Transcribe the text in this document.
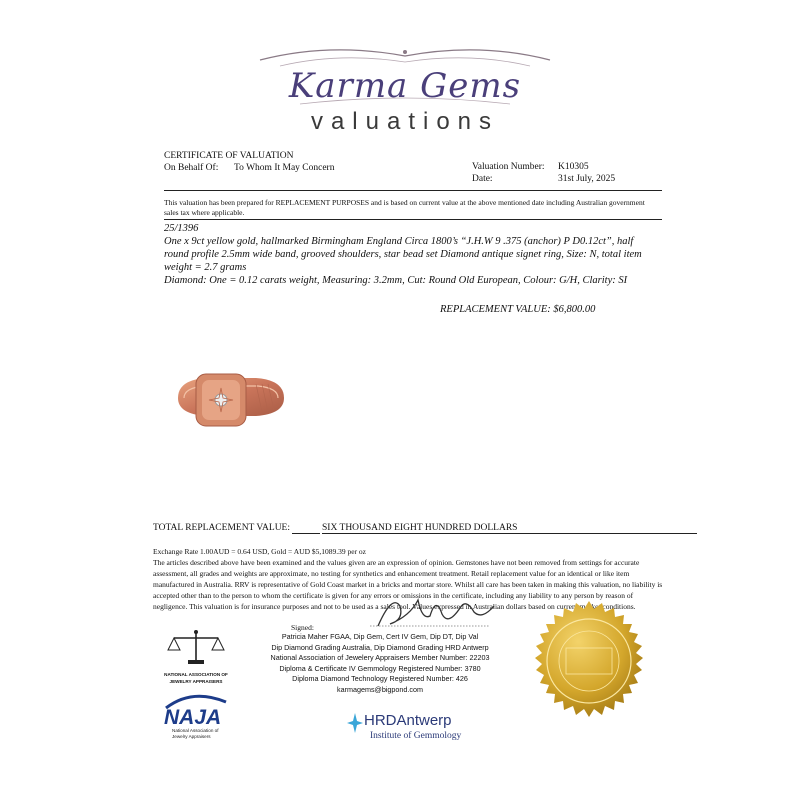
Karma Gems
valuations
CERTIFICATE OF VALUATION
On Behalf Of:	To Whom It May Concern	Valuation Number:	K10305
Date:	31st July, 2025
This valuation has been prepared for REPLACEMENT PURPOSES and is based on current value at the above mentioned date including Australian government sales tax where applicable.

25/1396

One x 9ct yellow gold, hallmarked Birmingham England Circa 1800’s “J.H.W 9 .375 (anchor) P D0.12ct”, half round profile 2.5mm wide band, grooved shoulders, star bead set Diamond antique signet ring, Size: N, total item weight = 2.7 grams

Diamond: One = 0.12 carats weight, Measuring: 3.2mm, Cut: Round Old European, Colour: G/H, Clarity: SI

REPLACEMENT VALUE: $6,800.00
TOTAL REPLACEMENT VALUE:	SIX THOUSAND EIGHT HUNDRED DOLLARS
Exchange Rate 1.00AUD = 0.64 USD, Gold = AUD $5,1089.39 per oz
The articles described above have been examined and the values given are an expression of opinion. Gemstones have not been removed from settings for accurate assessment, all grades and weights are approximate, no testing for synthetics and enhancement treatment. Retail replacement value for an identical or like item manufactured in Australia. RRV is representative of Gold Coast market in a bricks and mortar store. Whilst all care has been taken in making this valuation, no liability is accepted other than to the person to whom the certificate is given for any errors or omissions in the certificate, including any liability to any person by reason of negligence. This valuation is for insurance purposes and not to be used as a sales tool. Values expressed in Australian dollars based on current market conditions.
Signed:
Patricia Maher FGAA, Dip Gem, Cert IV Gem, Dip DT, Dip Val
Dip Diamond Grading Australia, Dip Diamond Grading HRD Antwerp
National Association of Jewelery Appraisers Member Number: 22203
Diploma & Certificate IV Gemmology Registered Number: 3780
Diploma Diamond Technology Registered Number: 426
karmagems@bigpond.com
NATIONAL ASSOCIATION OF
JEWELRY APPRAISERS
NAJA
National Association of
Jewelry Appraisers
HRDAntwerp
Institute of Gemmology
